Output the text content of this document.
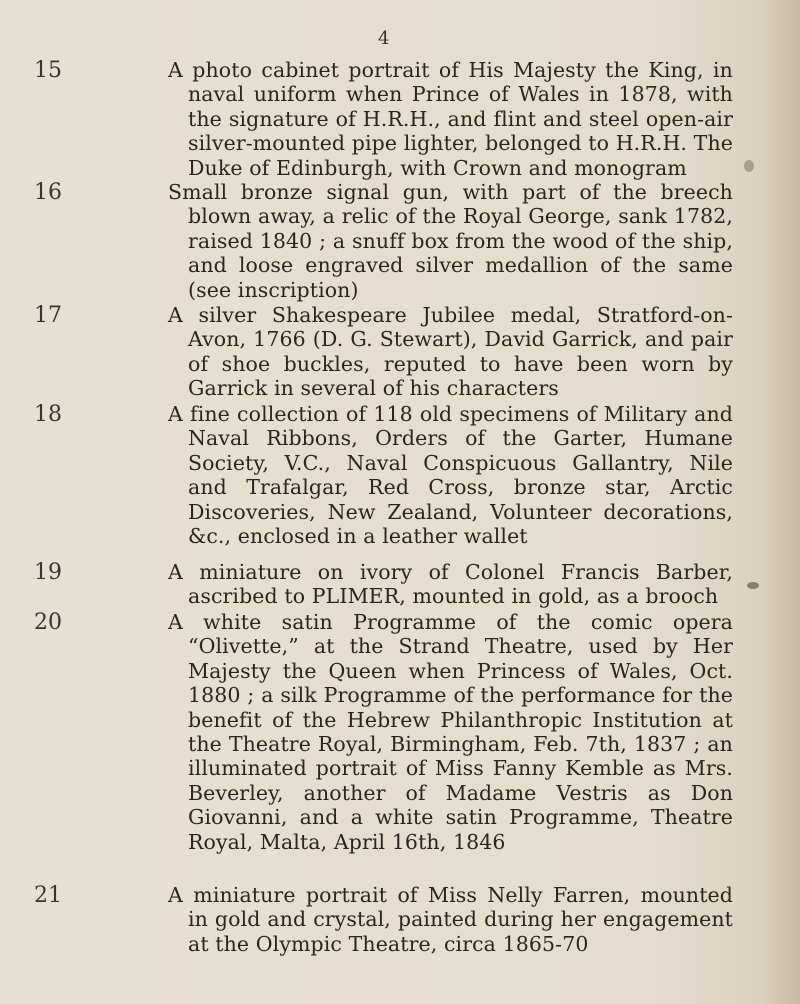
4
15	A photo cabinet portrait of His Majesty the King, in naval uniform when Prince of Wales in 1878, with the signature of H.R.H., and flint and steel open-air silver-mounted pipe lighter, belonged to H.R.H. The Duke of Edinburgh, with Crown and monogram
16	Small bronze signal gun, with part of the breech blown away, a relic of the Royal George, sank 1782, raised 1840 ; a snuff box from the wood of the ship, and loose engraved silver medallion of the same (see inscription)
17	A silver Shakespeare Jubilee medal, Stratford-on-Avon, 1766 (D. G. Stewart), David Garrick, and pair of shoe buckles, reputed to have been worn by Garrick in several of his characters
18	A fine collection of 118 old specimens of Military and Naval Ribbons, Orders of the Garter, Humane Society, V.C., Naval Conspicuous Gallantry, Nile and Trafalgar, Red Cross, bronze star, Arctic Discoveries, New Zealand, Volunteer decorations, &c., enclosed in a leather wallet
19	A miniature on ivory of Colonel Francis Barber, ascribed to PLIMER, mounted in gold, as a brooch
20	A white satin Programme of the comic opera “Olivette,” at the Strand Theatre, used by Her Majesty the Queen when Princess of Wales, Oct. 1880 ; a silk Programme of the performance for the benefit of the Hebrew Philanthropic Institution at the Theatre Royal, Birmingham, Feb. 7th, 1837 ; an illuminated portrait of Miss Fanny Kemble as Mrs. Beverley, another of Madame Vestris as Don Giovanni, and a white satin Programme, Theatre Royal, Malta, April 16th, 1846
21	A miniature portrait of Miss Nelly Farren, mounted in gold and crystal, painted during her engagement at the Olympic Theatre, circa 1865-70
